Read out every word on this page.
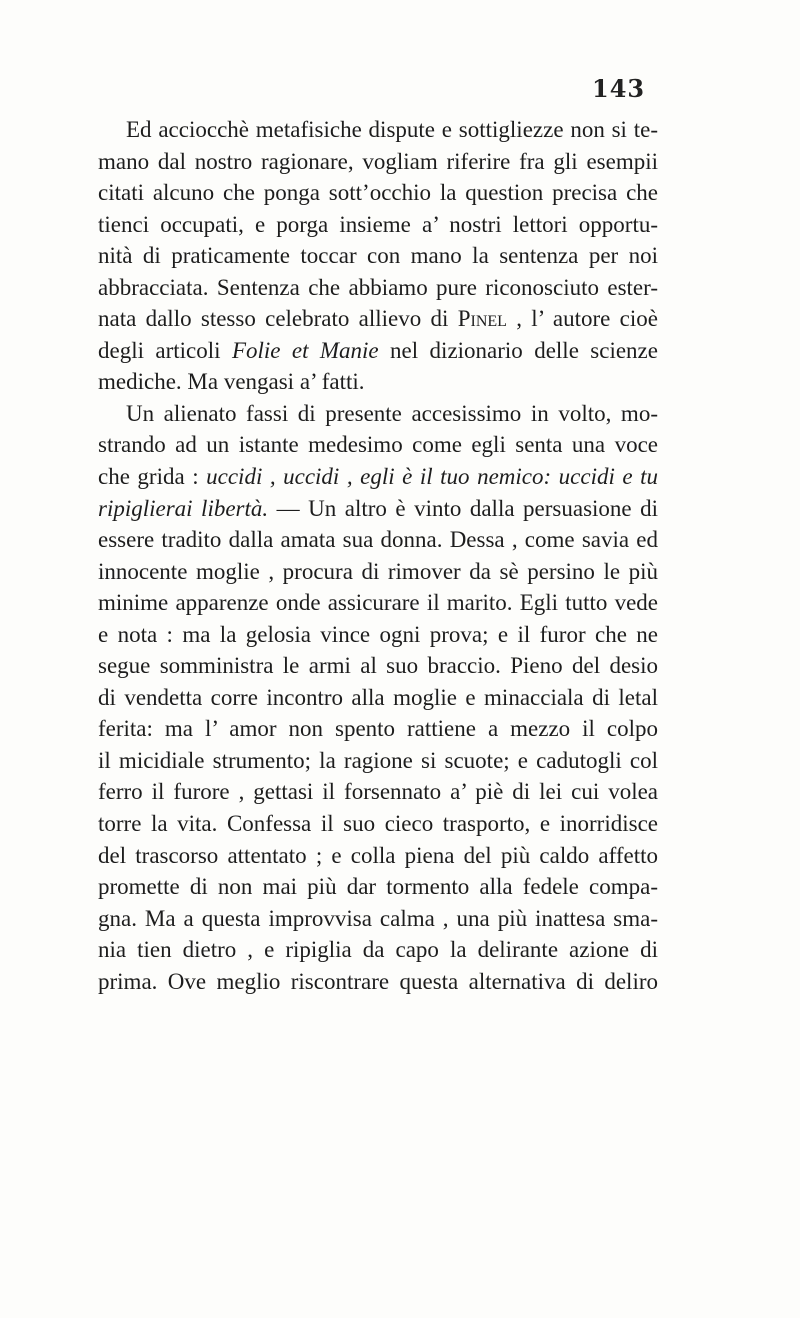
143
Ed acciocchè metafisiche dispute e sottigliezze non si te-
mano dal nostro ragionare, vogliam riferire fra gli esempii
citati alcuno che ponga sott’occhio la question precisa che
tienci occupati, e porga insieme a’ nostri lettori opportu-
nità di praticamente toccar con mano la sentenza per noi
abbracciata. Sentenza che abbiamo pure riconosciuto ester-
nata dallo stesso celebrato allievo di Pinel , l’ autore cioè
degli articoli Folie et Manie nel dizionario delle scienze
mediche. Ma vengasi a’ fatti.
Un alienato fassi di presente accesissimo in volto, mo-
strando ad un istante medesimo come egli senta una voce
che grida : uccidi , uccidi , egli è il tuo nemico: uccidi e tu
ripiglierai libertà. — Un altro è vinto dalla persuasione di
essere tradito dalla amata sua donna. Dessa , come savia ed
innocente moglie , procura di rimover da sè persino le più
minime apparenze onde assicurare il marito. Egli tutto vede
e nota : ma la gelosia vince ogni prova; e il furor che ne
segue somministra le armi al suo braccio. Pieno del desio
di vendetta corre incontro alla moglie e minacciala di letal
ferita: ma l’ amor non spento rattiene a mezzo il colpo
il micidiale strumento; la ragione si scuote; e cadutogli col
ferro il furore , gettasi il forsennato a’ piè di lei cui volea
torre la vita. Confessa il suo cieco trasporto, e inorridisce
del trascorso attentato ; e colla piena del più caldo affetto
promette di non mai più dar tormento alla fedele compa-
gna. Ma a questa improvvisa calma , una più inattesa sma-
nia tien dietro , e ripiglia da capo la delirante azione di
prima. Ove meglio riscontrare questa alternativa di deliro
